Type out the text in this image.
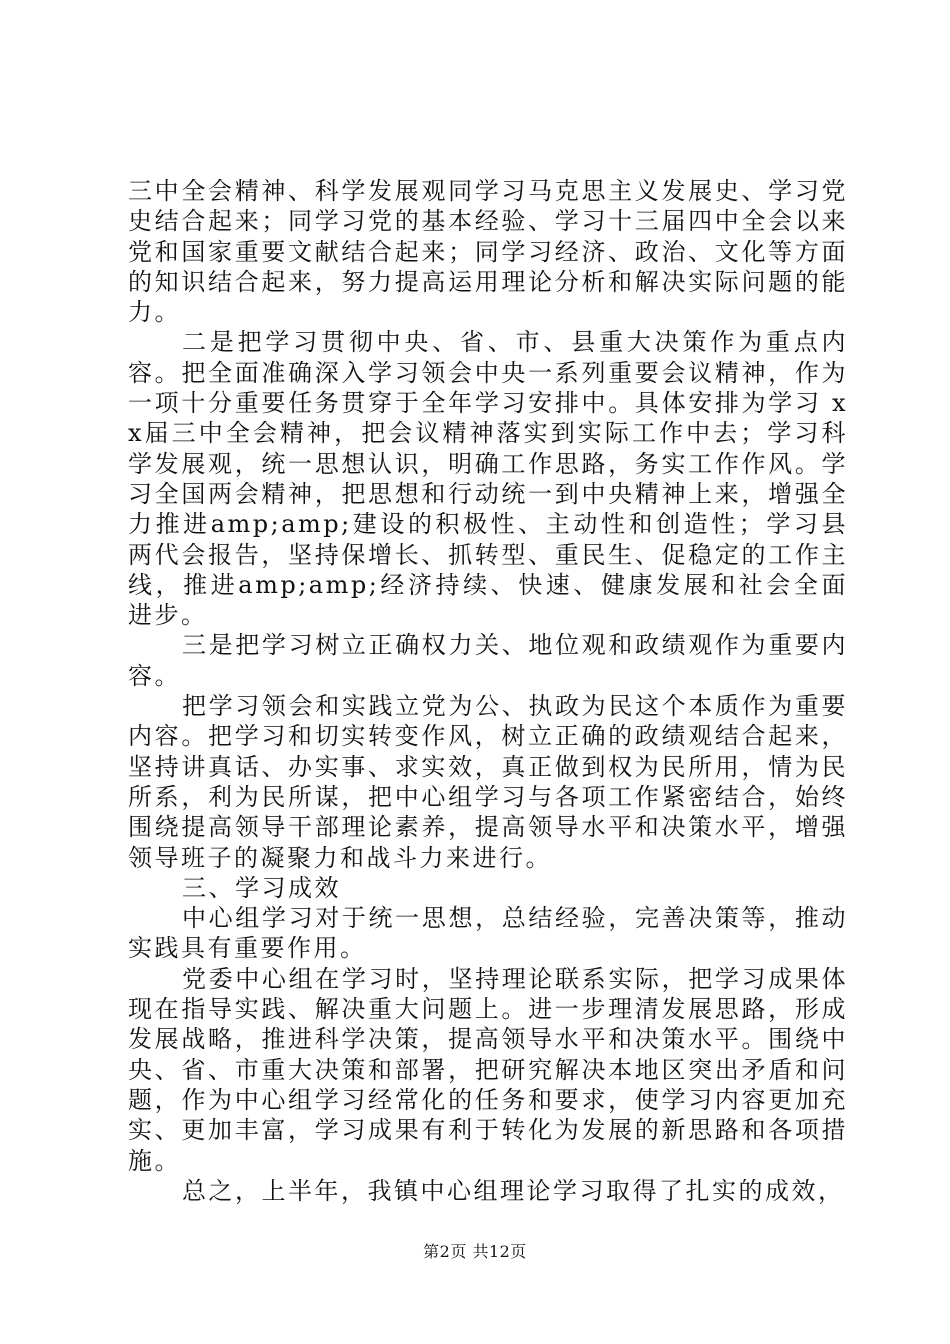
三中全会精神、科学发展观同学习马克思主义发展史、学习党史结合起来；同学习党的基本经验、学习十三届四中全会以来党和国家重要文献结合起来；同学习经济、政治、文化等方面的知识结合起来，努力提高运用理论分析和解决实际问题的能力。

二是把学习贯彻中央、省、市、县重大决策作为重点内容。把全面准确深入学习领会中央一系列重要会议精神，作为一项十分重要任务贯穿于全年学习安排中。具体安排为学习 xx届三中全会精神，把会议精神落实到实际工作中去；学习科学发展观，统一思想认识，明确工作思路，务实工作作风。学习全国两会精神，把思想和行动统一到中央精神上来，增强全力推进amp;amp;建设的积极性、主动性和创造性；学习县两代会报告，坚持保增长、抓转型、重民生、促稳定的工作主线，推进amp;amp;经济持续、快速、健康发展和社会全面进步。

三是把学习树立正确权力关、地位观和政绩观作为重要内容。

把学习领会和实践立党为公、执政为民这个本质作为重要内容。把学习和切实转变作风，树立正确的政绩观结合起来，坚持讲真话、办实事、求实效，真正做到权为民所用，情为民所系，利为民所谋，把中心组学习与各项工作紧密结合，始终围绕提高领导干部理论素养，提高领导水平和决策水平，增强领导班子的凝聚力和战斗力来进行。

三、学习成效

中心组学习对于统一思想，总结经验，完善决策等，推动实践具有重要作用。

党委中心组在学习时，坚持理论联系实际，把学习成果体现在指导实践、解决重大问题上。进一步理清发展思路，形成发展战略，推进科学决策，提高领导水平和决策水平。围绕中央、省、市重大决策和部署，把研究解决本地区突出矛盾和问题，作为中心组学习经常化的任务和要求，使学习内容更加充实、更加丰富，学习成果有利于转化为发展的新思路和各项措施。

总之，上半年，我镇中心组理论学习取得了扎实的成效，

第2页 共12页
